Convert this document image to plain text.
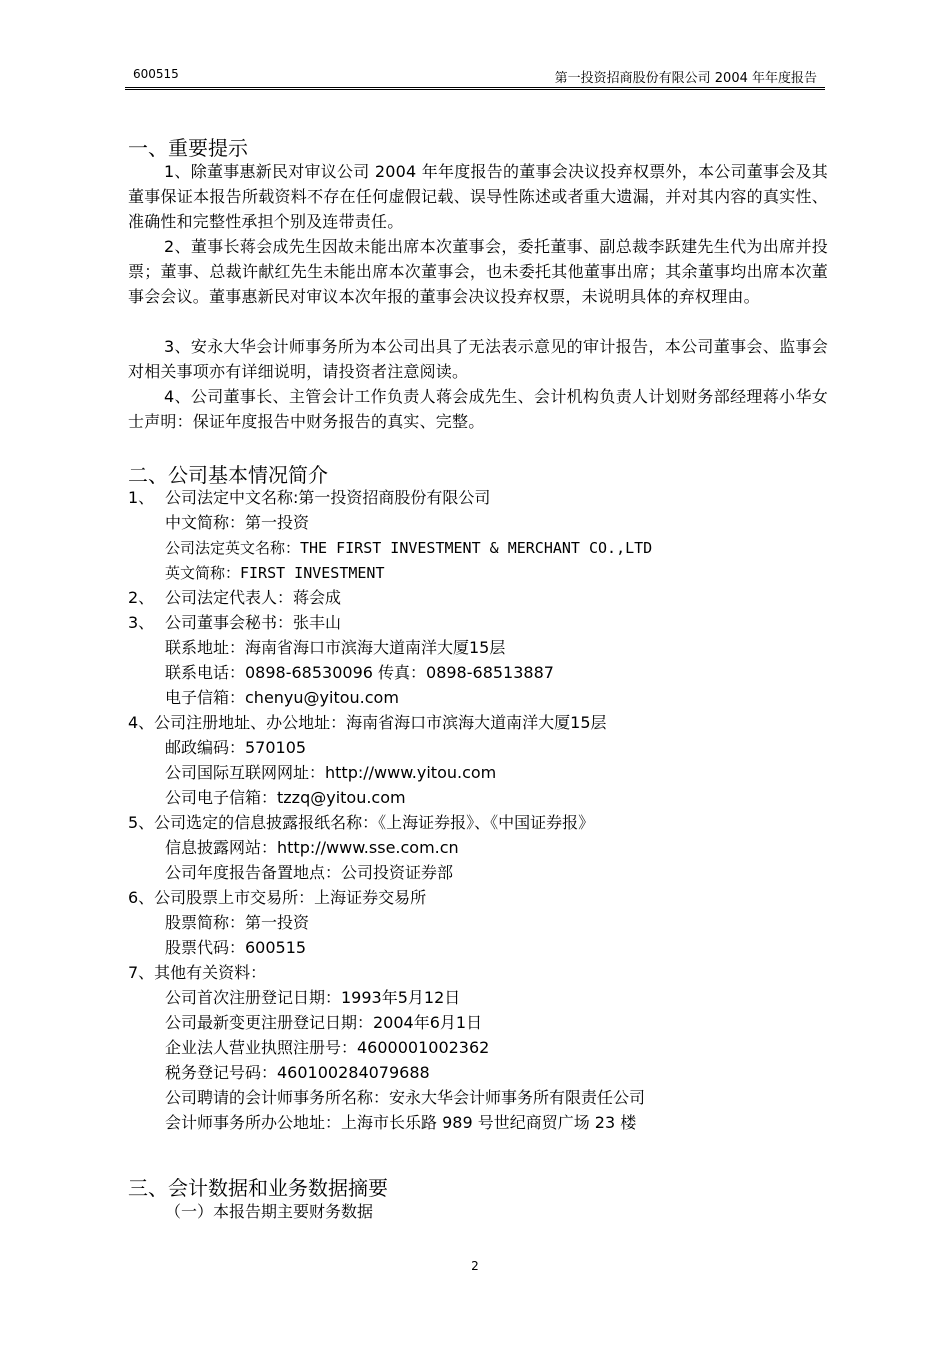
600515	第一投资招商股份有限公司 2004 年年度报告
一、重要提示
1、除董事惠新民对审议公司 2004 年年度报告的董事会决议投弃权票外，本公司董事会及其董事保证本报告所载资料不存在任何虚假记载、误导性陈述或者重大遗漏，并对其内容的真实性、准确性和完整性承担个别及连带责任。
2、董事长蒋会成先生因故未能出席本次董事会，委托董事、副总裁李跃建先生代为出席并投票；董事、总裁许献红先生未能出席本次董事会，也未委托其他董事出席；其余董事均出席本次董事会会议。董事惠新民对审议本次年报的董事会决议投弃权票，未说明具体的弃权理由。
3、安永大华会计师事务所为本公司出具了无法表示意见的审计报告，本公司董事会、监事会对相关事项亦有详细说明，请投资者注意阅读。
4、公司董事长、主管会计工作负责人蒋会成先生、会计机构负责人计划财务部经理蒋小华女士声明：保证年度报告中财务报告的真实、完整。
二、公司基本情况简介
1、 公司法定中文名称:第一投资招商股份有限公司
中文简称：第一投资
公司法定英文名称：THE FIRST INVESTMENT & MERCHANT CO.,LTD
英文简称：FIRST INVESTMENT
2、 公司法定代表人：蒋会成
3、 公司董事会秘书：张丰山
联系地址：海南省海口市滨海大道南洋大厦15层
联系电话：0898-68530096 传真：0898-68513887
电子信箱：chenyu@yitou.com
4、公司注册地址、办公地址：海南省海口市滨海大道南洋大厦15层
邮政编码：570105
公司国际互联网网址：http://www.yitou.com
公司电子信箱：tzzq@yitou.com
5、公司选定的信息披露报纸名称：《上海证券报》、《中国证券报》
信息披露网站：http://www.sse.com.cn
公司年度报告备置地点：公司投资证券部
6、公司股票上市交易所：上海证券交易所
股票简称：第一投资
股票代码：600515
7、其他有关资料：
公司首次注册登记日期：1993年5月12日
公司最新变更注册登记日期：2004年6月1日
企业法人营业执照注册号：4600001002362
税务登记号码：460100284079688
公司聘请的会计师事务所名称：安永大华会计师事务所有限责任公司
会计师事务所办公地址：上海市长乐路 989 号世纪商贸广场 23 楼
三、会计数据和业务数据摘要
（一）本报告期主要财务数据
2
